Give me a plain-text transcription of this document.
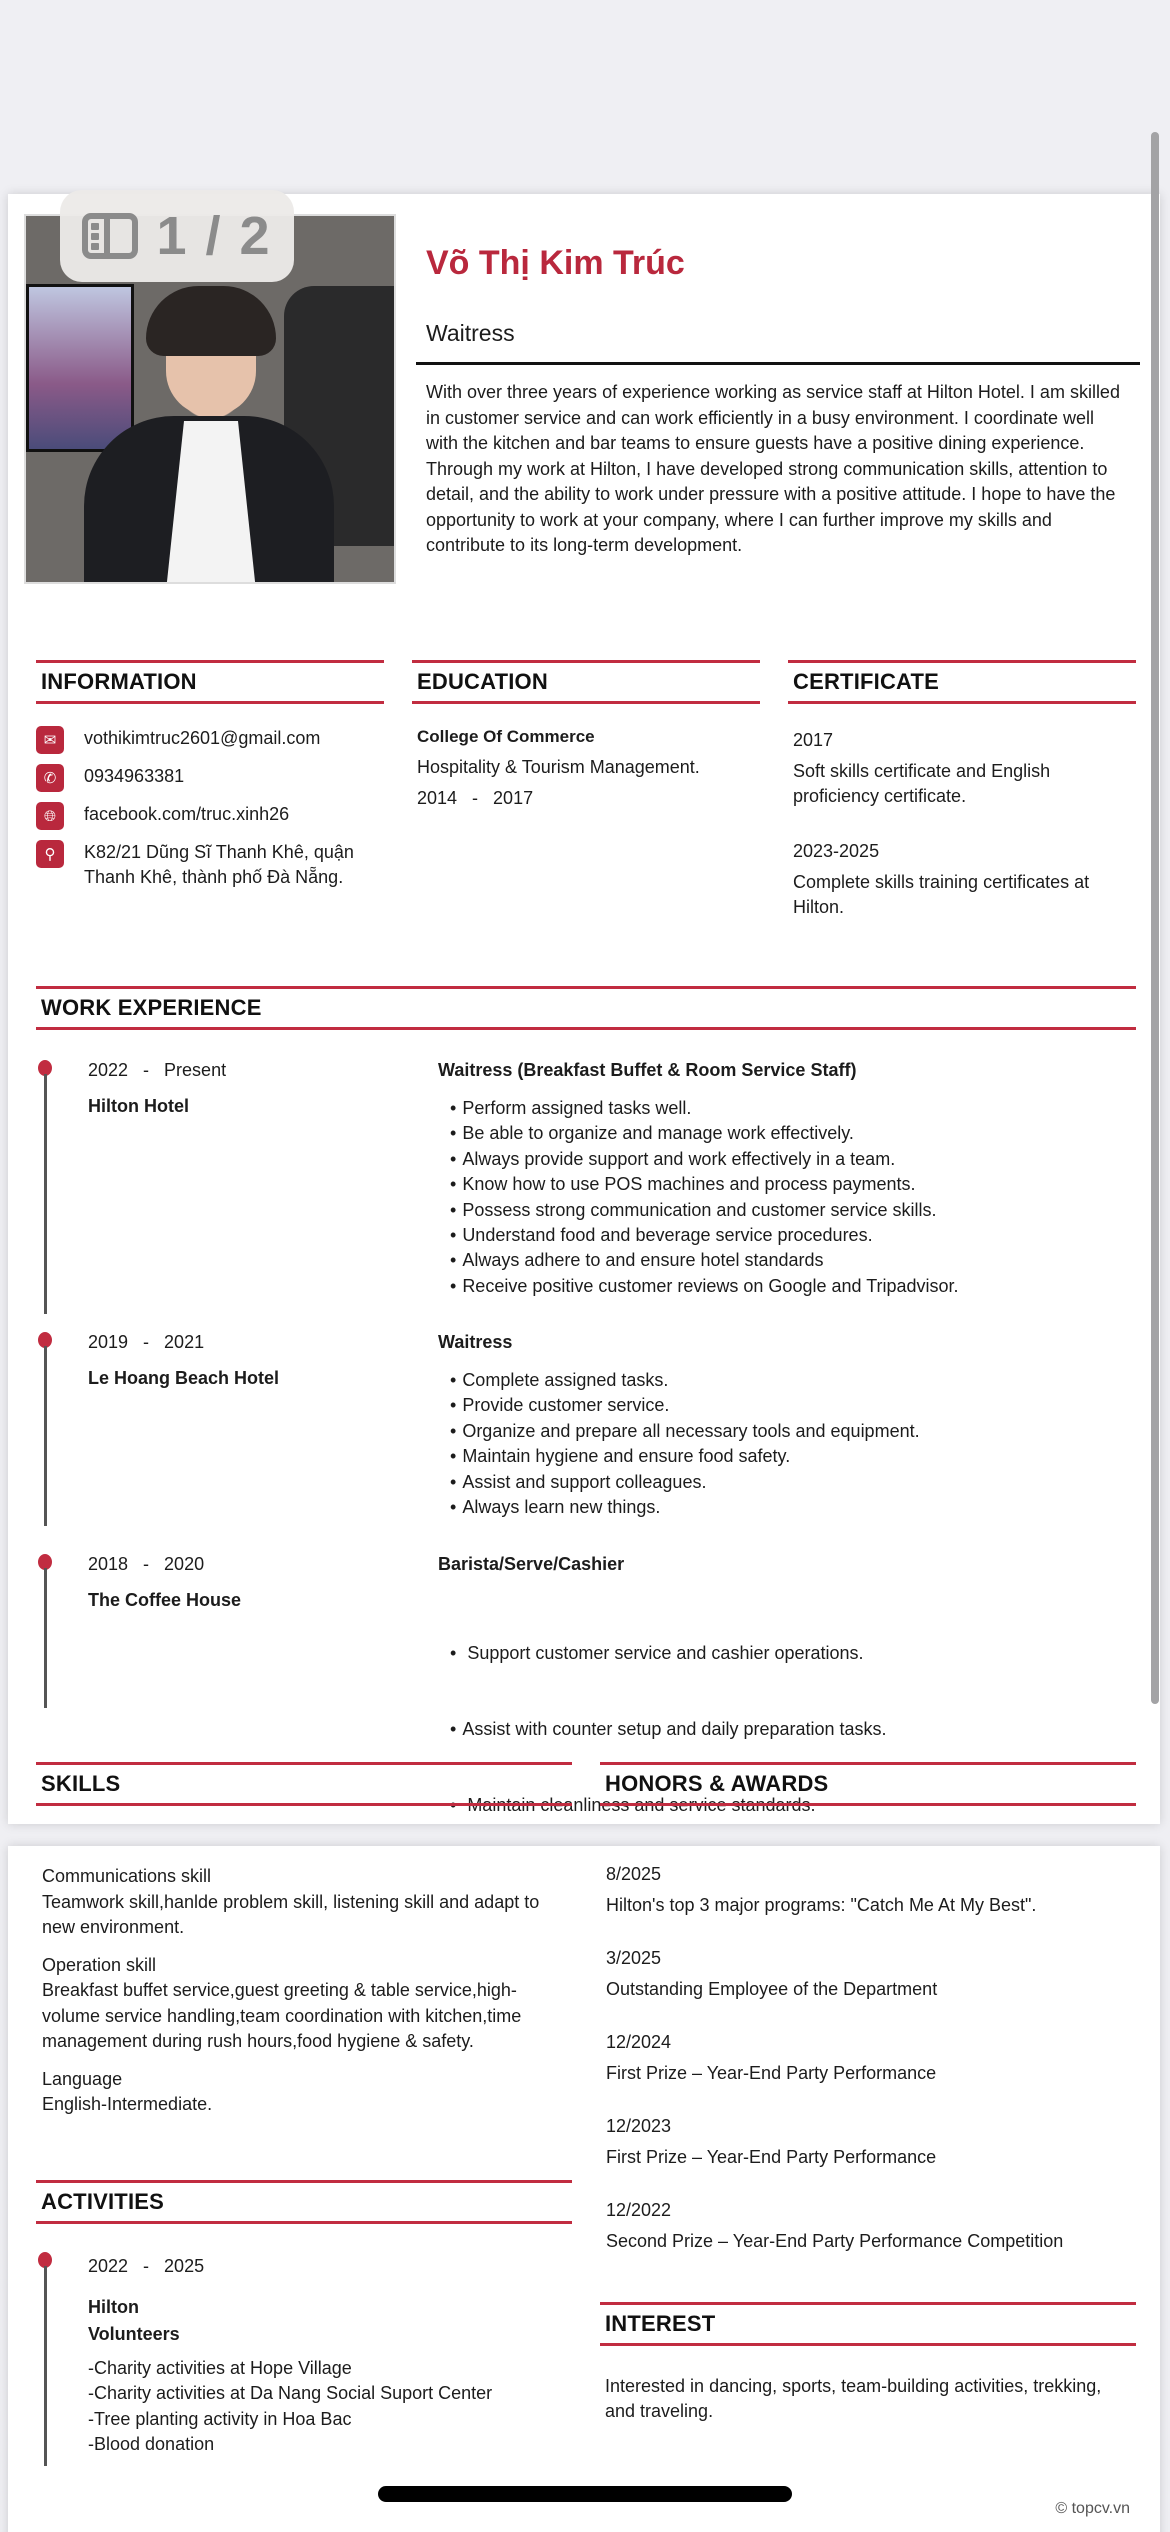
Võ Thị Kim Trúc
Waitress

With over three years of experience working as service staff at Hilton Hotel. I am skilled in customer service and can work efficiently in a busy environment. I coordinate well with the kitchen and bar teams to ensure guests have a positive dining experience.

Through my work at Hilton, I have developed strong communication skills, attention to detail, and the ability to work under pressure with a positive attitude. I hope to have the opportunity to work at your company, where I can further improve my skills and contribute to its long-term development.

INFORMATION
✉	vothikimtruc2601@gmail.com
✆	0934963381
🌐︎	facebook.com/truc.xinh26
⚲	K82/21 Dũng Sĩ Thanh Khê, quận Thanh Khê, thành phố Đà Nẵng.
EDUCATION
College Of Commerce
Hospitality & Tourism Management.
2014   -   2017
CERTIFICATE
2017
Soft skills certificate and English proficiency certificate.
2023-2025
Complete skills training certificates at Hilton.
WORK EXPERIENCE
2022   -   Present
Hilton Hotel
Waitress (Breakfast Buffet & Room Service Staff)
• Perform assigned tasks well.
• Be able to organize and manage work effectively.
• Always provide support and work effectively in a team.
• Know how to use POS machines and process payments.
• Possess strong communication and customer service skills.
• Understand food and beverage service procedures.
• Always adhere to and ensure hotel standards
• Receive positive customer reviews on Google and Tripadvisor.
2019   -   2021
Le Hoang Beach Hotel
Waitress
• Complete assigned tasks.
• Provide customer service.
• Organize and prepare all necessary tools and equipment.
• Maintain hygiene and ensure food safety.
• Assist and support colleagues.
• Always learn new things.
2018   -   2020
The Coffee House
Barista/Serve/Cashier

•  Support customer service and cashier operations.

• Assist with counter setup and daily preparation tasks.

•  Maintain cleanliness and service standards.

SKILLS	HONORS & AWARDS
1 / 2
Communications skill
Teamwork skill,hanlde problem skill, listening skill and adapt to new environment.
Operation skill
Breakfast buffet service,guest greeting & table service,high-volume service handling,team coordination with kitchen,time management during rush hours,food hygiene & safety.
Language
English-Intermediate.
8/2025
Hilton's top 3 major programs: "Catch Me At My Best".
3/2025
Outstanding Employee of the Department
12/2024
First Prize – Year-End Party Performance
12/2023
First Prize – Year-End Party Performance
12/2022
Second Prize – Year-End Party Performance Competition
ACTIVITIES
2022   -   2025
Hilton
Volunteers
-Charity activities at Hope Village
-Charity activities at Da Nang Social Suport Center
-Tree planting activity in Hoa Bac
-Blood donation
INTEREST
Interested in dancing, sports, team-building activities, trekking, and traveling.
© topcv.vn
